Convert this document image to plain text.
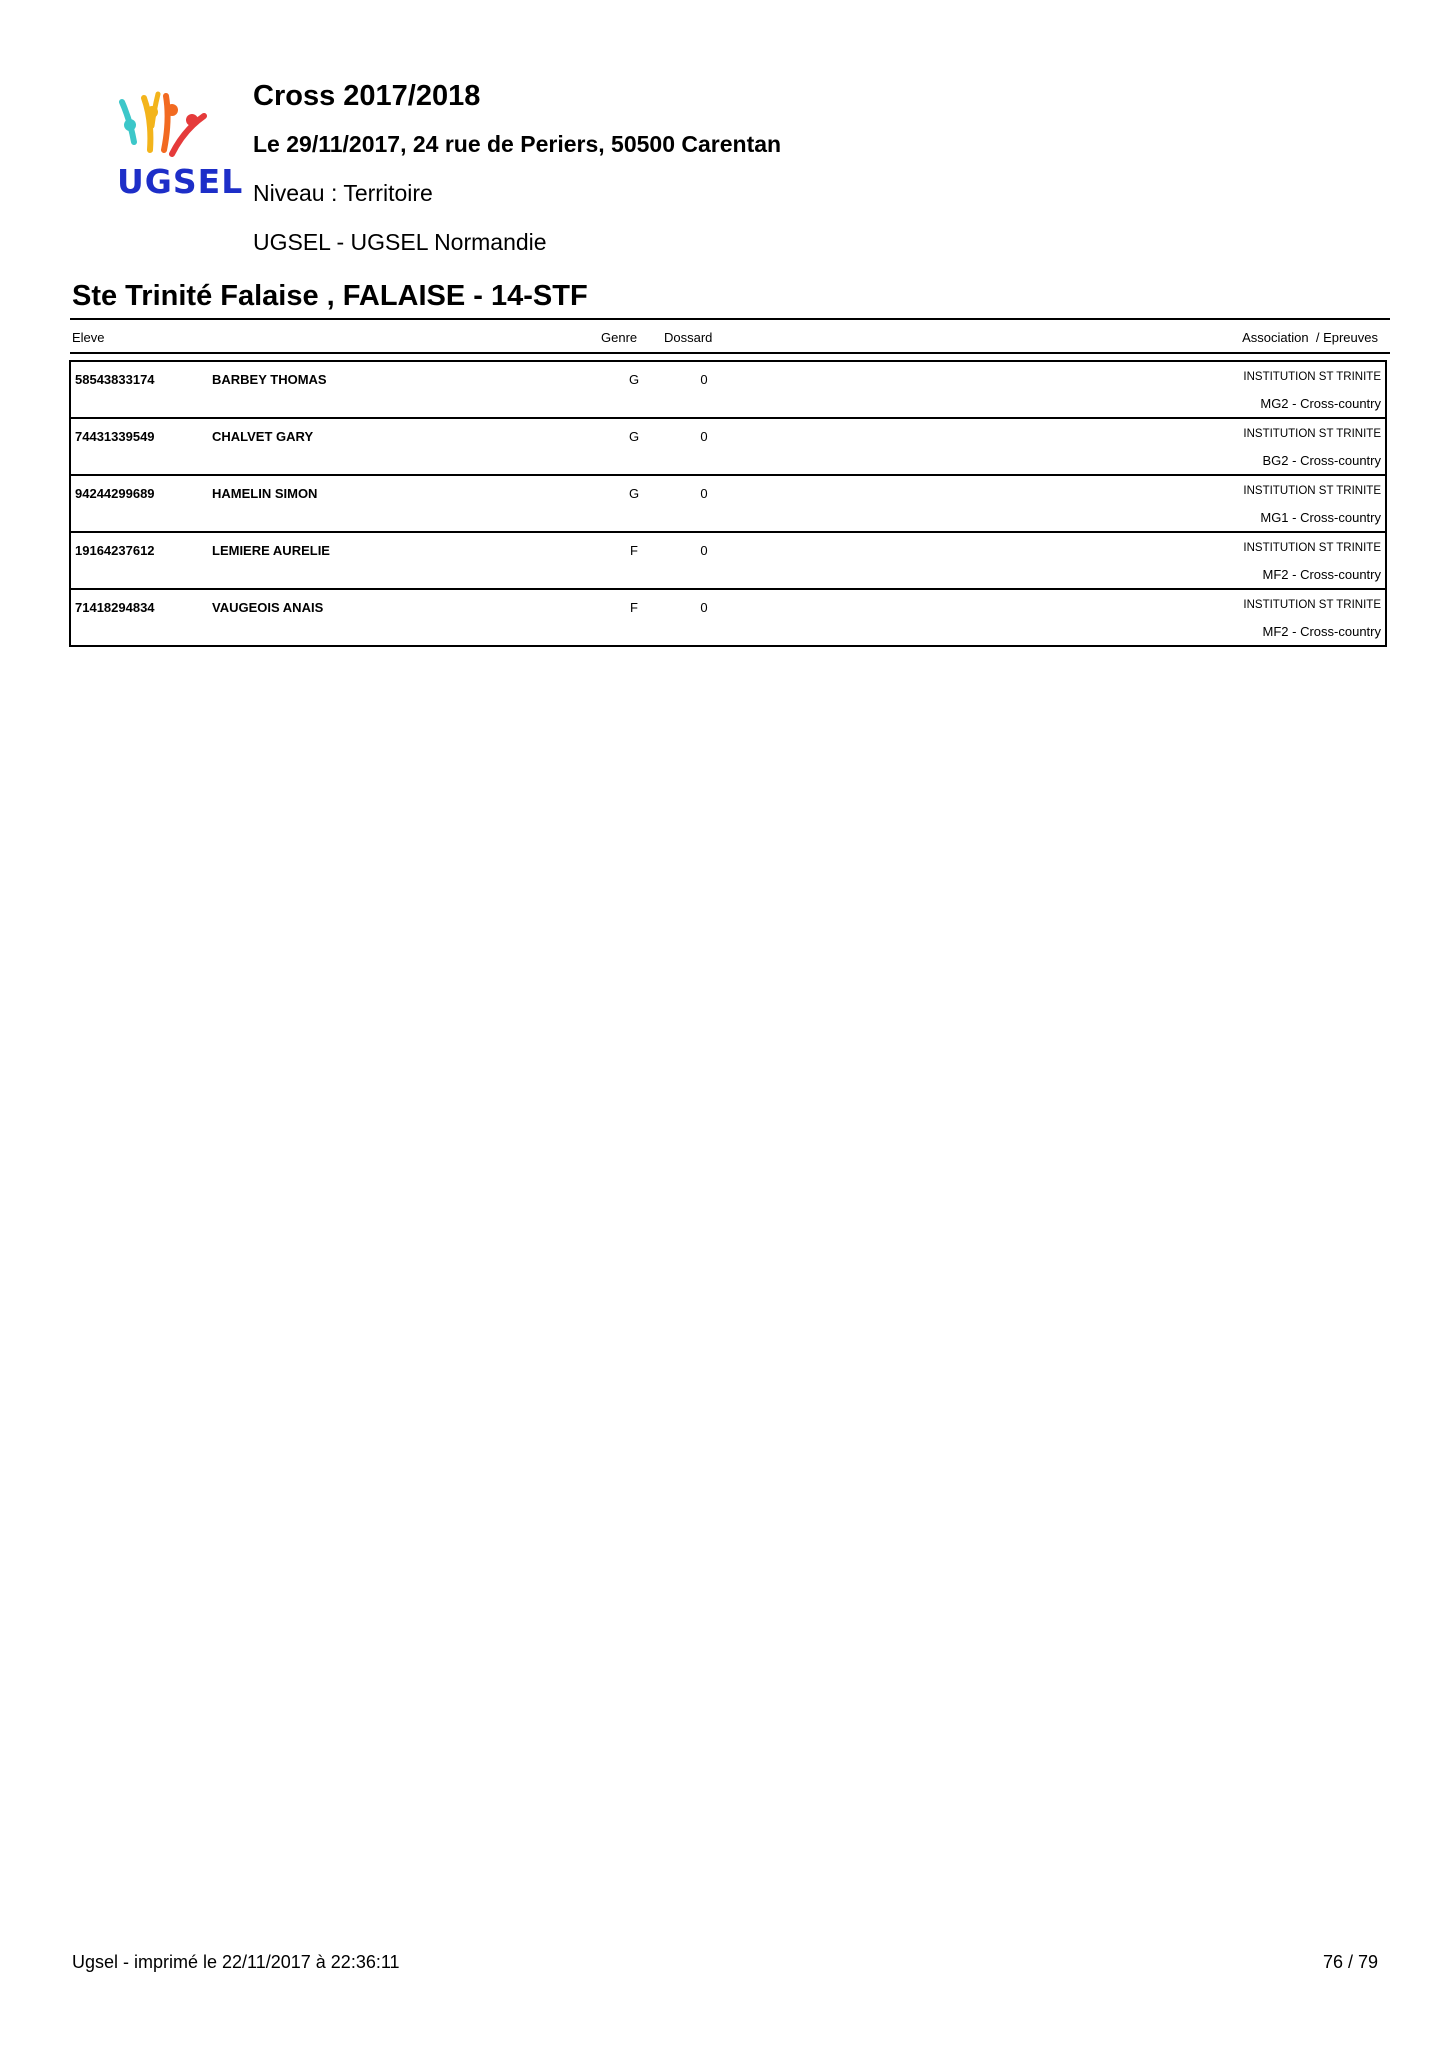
UGSEL
Cross 2017/2018
Le 29/11/2017, 24 rue de Periers, 50500 Carentan
Niveau : Territoire
UGSEL - UGSEL Normandie
Ste Trinité Falaise , FALAISE - 14-STF
Eleve	Genre Dossard	Association  / Epreuves
58543833174	BARBEY THOMAS	G	0	INSTITUTION ST TRINITE
MG2 - Cross-country
74431339549	CHALVET GARY	G	0	INSTITUTION ST TRINITE
BG2 - Cross-country
94244299689	HAMELIN SIMON	G	0	INSTITUTION ST TRINITE
MG1 - Cross-country
19164237612	LEMIERE AURELIE	F	0	INSTITUTION ST TRINITE
MF2 - Cross-country
71418294834	VAUGEOIS ANAIS	F	0	INSTITUTION ST TRINITE
MF2 - Cross-country
Ugsel - imprimé le 22/11/2017 à 22:36:11	76 / 79
